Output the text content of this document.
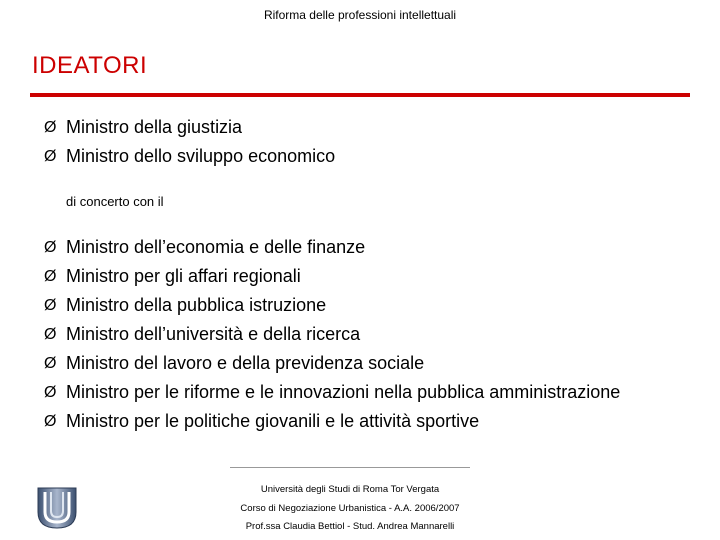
Riforma delle professioni intellettuali
IDEATORI
Ø Ministro della giustizia
Ø Ministro dello sviluppo economico
di concerto con il
Ø Ministro dell’economia e delle finanze
Ø Ministro per gli affari regionali
Ø Ministro della pubblica istruzione
Ø Ministro dell’università e della ricerca
Ø Ministro del lavoro e della previdenza sociale
Ø Ministro per le riforme e le innovazioni nella pubblica amministrazione
Ø Ministro per le politiche giovanili e le attività sportive
Università degli Studi di Roma Tor Vergata
Corso di Negoziazione Urbanistica - A.A. 2006/2007
Prof.ssa Claudia Bettiol - Stud. Andrea Mannarelli
